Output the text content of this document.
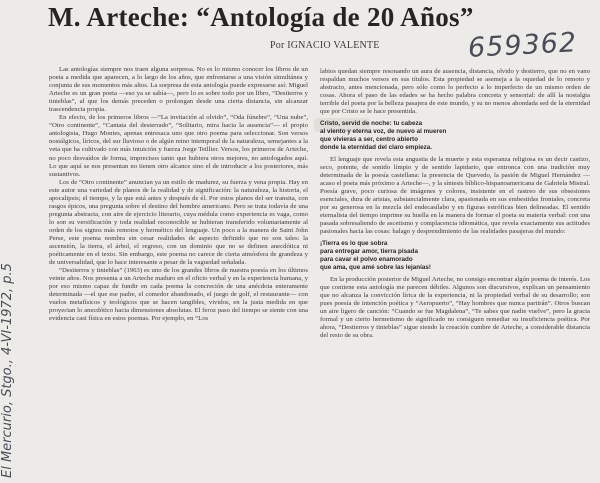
M. Arteche: “Antología de 20 Años”
Por IGNACIO VALENTE	659362
El Mercurio, Stgo., 4-VI-1972, p.5

Las antologías siempre nos traen alguna sorpresa. No es lo mismo conocer los libros de un poeta a medida que aparecen, a lo largo de los años, que enfrentarse a una visión simultánea y conjunta de sus momentos más altos. La sorpresa de esta antología puede expresarse así: Miguel Arteche es un gran poeta —eso ya se sabía—, pero lo es sobre todo por un libro, “Destierros y tinieblas”, al que los demás preceden o prolongan desde una cierta distancia, sin alcanzar trascendencia propia.

En efecto, de los primeros libros —“La invitación al olvido”, “Oda fúnebre”, “Una nube”, “Otro continente”, “Cantata del desterrado”, “Solitario, mira hacia la ausencia”— el propio antologista, Hugo Montes, apenas entresaca uno que otro poema para seleccionar. Son versos nostálgicos, líricos, del sur lluvioso o de algún reino intemporal de la naturaleza, semejantes a la veta que ha cultivado con más intuición y fuerza Jorge Teillier. Versos, los primeros de Arteche, no poco desvaídos de forma, imprecisos tanto que hubiera otros mejores, no antologados aquí. Lo que aquí se nos presentan no tienen otro alcance sino el de introducir a los posteriores, más sustantivos.

Los de “Otro continente” anuncian ya un estilo de madurez, su fuerza y vena propia. Hay en este autor una variedad de planos de la realidad y de significación: la naturaleza, la historia, el apocalipsis; el tiempo, y la que está antes y después de él. Por estos planos del ser transita, con rasgos épicos, una pregunta sobre el destino del hombre americano. Pero se trata todavía de una pregunta abstracta, con aire de ejercicio literario, cuya médula como experiencia es vaga, como lo son su versificación y toda realidad reconocible se hubieran transferido voluntariamente al orden de los signos más remotos y hermético del lenguaje. Un poco a la manera de Saint John Perse, este poema nombra sin cesar realidades de aspecto definido que no son tales: la ascensión, la tierra, el árbol, el regreso, con un dominio que no se definen anecdótica ni poéticamente en el texto. Sin embargo, este poema no carece de cierta atmósfera de grandeza y de universalidad, que lo hace interesante a pesar de la vaguedad señalada.

“Destierros y tinieblas” (1963) es uno de los grandes libros de nuestra poesía en los últimos veinte años. Nos presenta a un Arteche maduro en el oficio verbal y en la experiencia humana, y por eso mismo capaz de fundir en cada poema la concreción de una anécdota enteramente determinada —el que ese padre, el comedor abandonado, el juego de golf, el restaurante— con vuelos metafísicos y teológicos que se hacen tangibles, vividos, en la justa medida en que proyectan lo anecdótico hacia dimensiones absolutas. El feroz paso del tiempo se siente con una evidencia casi física en estos poemas. Por ejemplo, en “Los

labios quedan siempre resonando un aura de ausencia, distancia, olvido y destierro, que no en vano respaldan muchos versos en sus títulos. Esta propiedad se asemeja a la oquedad de lo remoto y abstracto, antes mencionada, pero sólo como lo perfecto a lo imperfecto de un mismo orden de cosas. Ahora el paso de las edades se ha hecho palabra concreta y sensorial: de allí la nostalgia terrible del poeta por la belleza pasajera de este mundo, y su no menos ahondada sed de la eternidad que por Cristo se le hace presentida.

Cristo, servid de noche: tu cabeza
al viento y eterna voz, de nuevo al mueren
que vivieras a ser, centro abierto
donde la eternidad del claro empieza.

El lenguaje que revela esta angustia de la muerte y esta esperanza religiosa es un decir castizo, seco, potente, de sonido límpio y de sentido lapidario, que entronca con una tradición muy determinada de la poesía castellana: la presencia de Quevedo, la pasión de Miguel Hernández —acaso el poeta más próximo a Arteche—, y la síntesis bíblico-hispanoamericana de Gabriela Mistral. Poesía grave, poco curiosa de imágenes y colores, insistente en el rastreo de sus obsesiones esenciales, dura de aristas, substancialmente clara, apasionada en sus embestidas frontales, concreta por su generosa en la mezcla del endecasílabo y en figuras estróficas bien delineadas. El sentido eternalista del tiempo imprime su huella en la manera de formar el poeta su materia verbal: con una pasada sobresaliendo de ascetismo y complacencia idiomática, que revela exactamente sus actitudes pasionales hacia las cosas: halago y desprendimiento de las realidades pasajeras del mundo:

¡Tierra es lo que sobra
para entregar amor, tierra pisada
para cavar el polvo enamorado
que ama, que amé sobre las lejanías!

En la producción posterior de Miguel Arteche, no consigo encontrar algún poema de interés. Los que contiene esta antología me parecen débiles. Algunos son discursivos, explican un pensamiento que no alcanza la convicción lírica de la experiencia, ni la propiedad verbal de su desarrollo; son pues poesía de intención poética y “Aeropuerto”, “Hay hombres que nunca partirán”. Otros buscan un aire ligero de canción: “Cuando se fue Magdalena”, “Te sabes que nadie vuelve”, pero la gracia formal y un cierto hermetismo de significado no consiguen remediar su insuficiencia poética. Por ahora, “Destierros y tinieblas” sigue siendo la creación cumbre de Arteche, a considerable distancia del resto de su obra.
